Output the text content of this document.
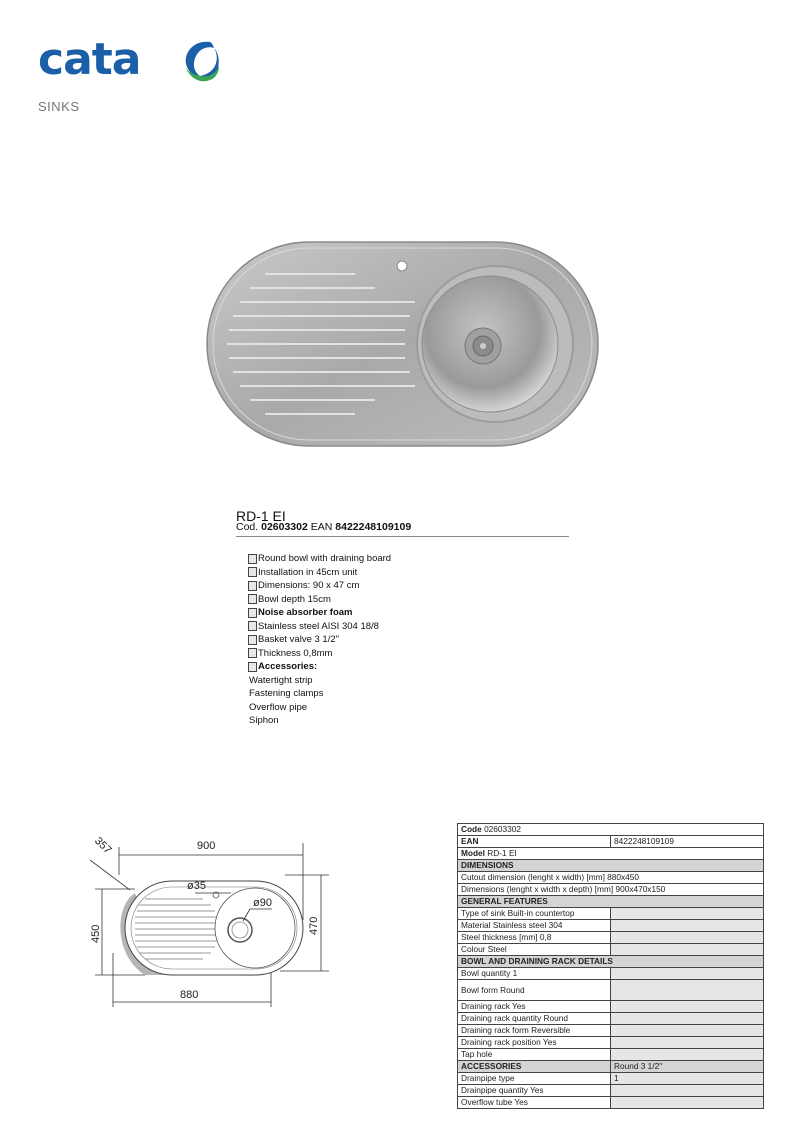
cata
SINKS
RD-1 EI
Cod. 02603302 EAN 8422248109109
Round bowl with draining board
Installation in 45cm unit
Dimensions: 90 x 47 cm
Bowl depth 15cm
Noise absorber foam
Stainless steel AISI 304 18/8
Basket valve 3 1/2"
Thickness 0,8mm
Accessories:
Watertight strip
Fastening clamps
Overflow pipe
Siphon
900
880
450	470
357
ø35
ø90
Code 02603302	
EAN	8422248109109
Model RD-1 EI	
DIMENSIONS	
Cutout dimension (lenght x width) [mm] 880x450	
Dimensions (lenght x width x depth) [mm] 900x470x150	
GENERAL FEATURES	
Type of sink Built-in countertop	
Material Stainless steel 304	
Steel thickness [mm] 0,8	
Colour Steel	
BOWL AND DRAINING RACK DETAILS	
Bowl quantity 1	
Bowl form Round	
Draining rack Yes	
Draining rack quantity Round	
Draining rack form Reversible	
Draining rack position Yes	
Tap hole	
ACCESSORIES	Round 3 1/2"
Drainpipe type	1
Drainpipe quantity Yes	
Overflow tube Yes	
